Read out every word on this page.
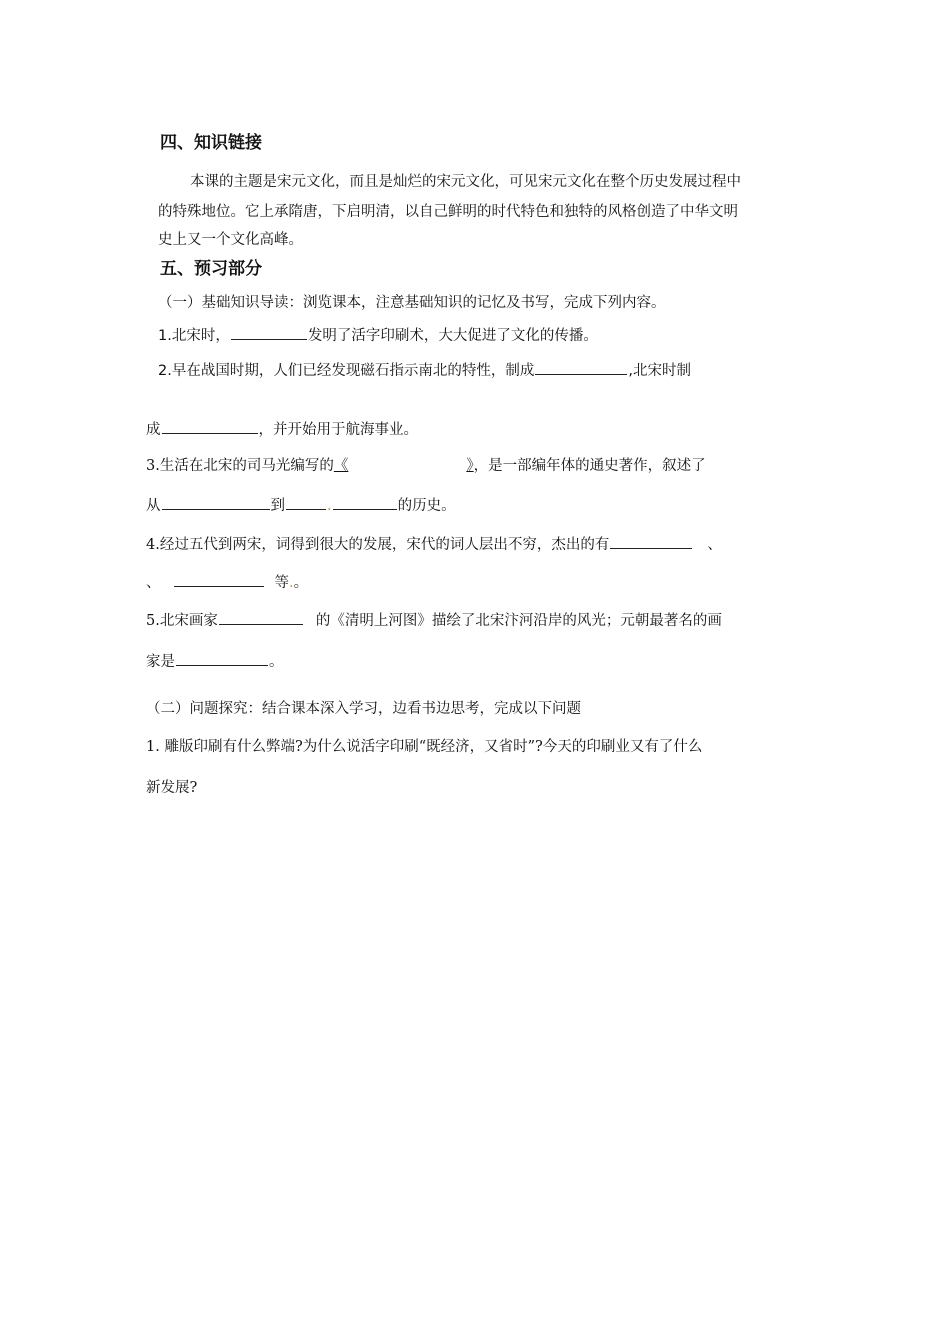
四、知识链接
本课的主题是宋元文化，而且是灿烂的宋元文化，可见宋元文化在整个历史发展过程中
的特殊地位。它上承隋唐，下启明清，以自己鲜明的时代特色和独特的风格创造了中华文明
史上又一个文化高峰。
五、预习部分
（一）基础知识导读：浏览课本，注意基础知识的记忆及书写，完成下列内容。
1.北宋时，	发明了活字印刷术，大大促进了文化的传播。
2.早在战国时期，人们已经发现磁石指示南北的特性，制成	,北宋时制
成	，并开始用于航海事业。
3.生活在北宋的司马光编写的《	》，是一部编年体的通史著作，叙述了
从	到	.	的历史。
4.经过五代到两宋，词得到很大的发展，宋代的词人层出不穷，杰出的有	、
、	等.。
5.北宋画家	的《清明上河图》描绘了北宋汴河沿岸的风光；元朝最著名的画
家是	。
（二）问题探究：结合课本深入学习，边看书边思考，完成以下问题
1. 雕版印刷有什么弊端?为什么说活字印刷“既经济，又省时”?今天的印刷业又有了什么
新发展?
